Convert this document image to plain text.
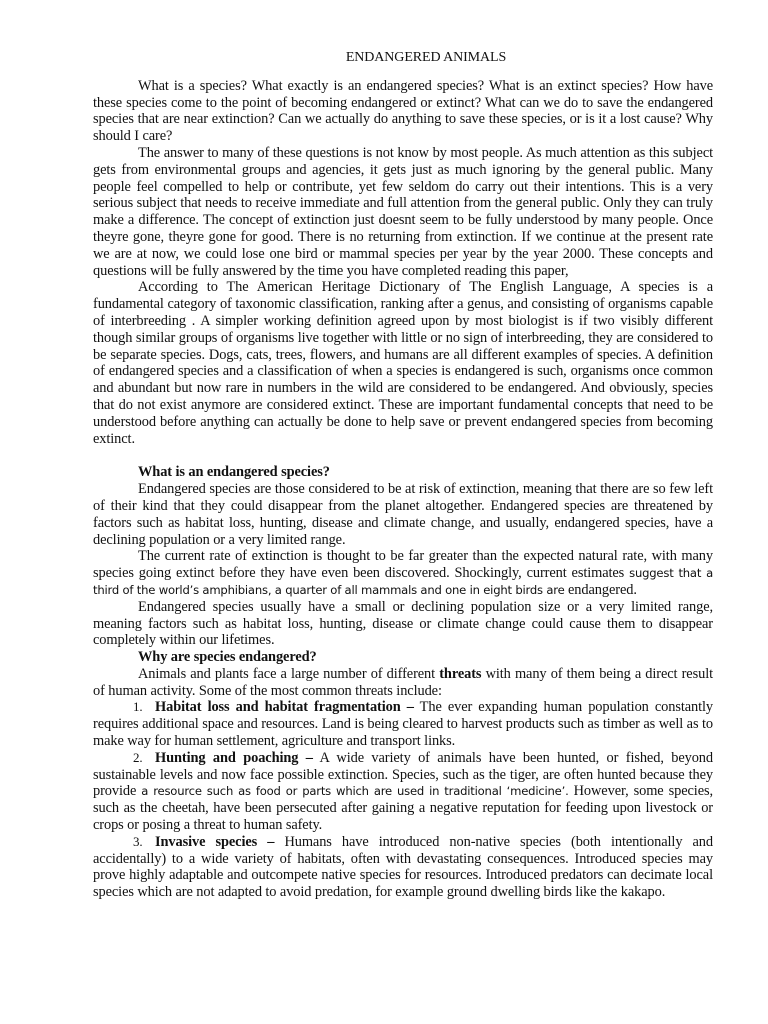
ENDANGERED ANIMALS

What is a species? What exactly is an endangered species? What is an extinct species? How have these species come to the point of becoming endangered or extinct? What can we do to save the endangered species that are near extinction? Can we actually do anything to save these species, or is it a lost cause? Why should I care?

The answer to many of these questions is not know by most people. As much attention as this subject gets from environmental groups and agencies, it gets just as much ignoring by the general public. Many people feel compelled to help or contribute, yet few seldom do carry out their intentions. This is a very serious subject that needs to receive immediate and full attention from the general public. Only they can truly make a difference. The concept of extinction just doesnt seem to be fully understood by many people. Once theyre gone, theyre gone for good. There is no returning from extinction. If we continue at the present rate we are at now, we could lose one bird or mammal species per year by the year 2000. These concepts and questions will be fully answered by the time you have completed reading this paper,

According to The American Heritage Dictionary of The English Language, A species is a fundamental category of taxonomic classification, ranking after a genus, and consisting of organisms capable of interbreeding . A simpler working definition agreed upon by most biologist is if two visibly different though similar groups of organisms live together with little or no sign of interbreeding, they are considered to be separate species. Dogs, cats, trees, flowers, and humans are all different examples of species. A definition of endangered species and a classification of when a species is endangered is such, organisms once common and abundant but now rare in numbers in the wild are considered to be endangered. And obviously, species that do not exist anymore are considered extinct. These are important fundamental concepts that need to be understood before anything can actually be done to help save or prevent endangered species from becoming extinct.

What is an endangered species?

Endangered species are those considered to be at risk of extinction, meaning that there are so few left of their kind that they could disappear from the planet altogether. Endangered species are threatened by factors such as habitat loss, hunting, disease and climate change, and usually, endangered species, have a declining population or a very limited range.

The current rate of extinction is thought to be far greater than the expected natural rate, with many species going extinct before they have even been discovered. Shockingly, current estimates suggest that a third of the world’s amphibians, a quarter of all mammals and one in eight birds are endangered.

Endangered species usually have a small or declining population size or a very limited range, meaning factors such as habitat loss, hunting, disease or climate change could cause them to disappear completely within our lifetimes.

Why are species endangered?

Animals and plants face a large number of different threats with many of them being a direct result of human activity. Some of the most common threats include:

1. Habitat loss and habitat fragmentation – The ever expanding human population constantly requires additional space and resources. Land is being cleared to harvest products such as timber as well as to make way for human settlement, agriculture and transport links.
2. Hunting and poaching – A wide variety of animals have been hunted, or fished, beyond sustainable levels and now face possible extinction. Species, such as the tiger, are often hunted because they provide a resource such as food or parts which are used in traditional ‘medicine’. However, some species, such as the cheetah, have been persecuted after gaining a negative reputation for feeding upon livestock or crops or posing a threat to human safety.
3. Invasive species – Humans have introduced non-native species (both intentionally and accidentally) to a wide variety of habitats, often with devastating consequences. Introduced species may prove highly adaptable and outcompete native species for resources. Introduced predators can decimate local species which are not adapted to avoid predation, for example ground dwelling birds like the kakapo.
